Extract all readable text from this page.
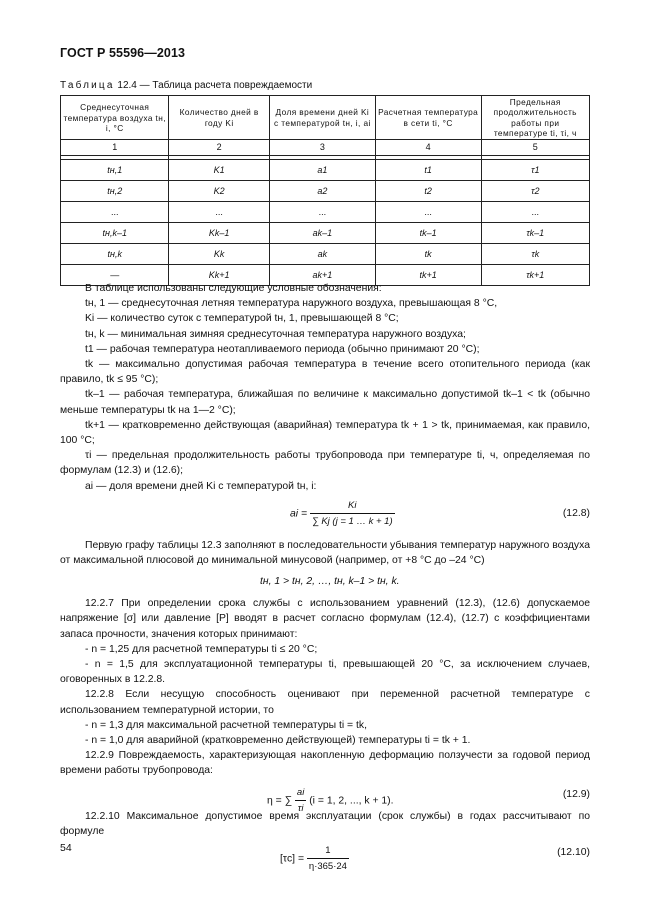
ГОСТ Р 55596—2013
Таблица 12.4 — Таблица расчета повреждаемости
Среднесуточная температура воздуха tн, i, °С	Количество дней в году Ki	Доля времени дней Ki с температурой tн, i, ai	Расчетная температура в сети ti, °С	Предельная продолжительность работы при температуре ti, τi, ч
1	2	3	4	5

tн,1	K1	a1	t1	τ1
tн,2	K2	a2	t2	τ2
...	...	...	...	...
tн,k–1	Kk–1	ak–1	tk–1	τk–1
tн,k	Kk	ak	tk	τk
—	Kk+1	ak+1	tk+1	τk+1

В таблице использованы следующие условные обозначения:

tн, 1 — среднесуточная летняя температура наружного воздуха, превышающая 8 °С,

Ki — количество суток с температурой tн, 1, превышающей 8 °С;

tн, k — минимальная зимняя среднесуточная температура наружного воздуха;

t1 — рабочая температура неотапливаемого периода (обычно принимают 20 °С);

tk — максимально допустимая рабочая температура в течение всего отопительного периода (как правило, tk ≤ 95 °С);

tk–1 — рабочая температура, ближайшая по величине к максимально допустимой tk–1 < tk (обычно меньше температуры tk на 1—2 °С);

tk+1 — кратковременно действующая (аварийная) температура tk + 1 > tk, принимаемая, как правило, 100 °С;

τi — предельная продолжительность работы трубопровода при температуре ti, ч, определяемая по формулам (12.3) и (12.6);

ai — доля времени дней Ki с температурой tн, i:

ai = $\frac{Ki}{\sum Kj (j = 1 \dots k + 1)}$	(12.8)

Первую графу таблицы 12.3 заполняют в последовательности убывания температур наружного воздуха от максимальной плюсовой до минимальной минусовой (например, от +8 °С до –24 °С)

tн, 1 > tн, 2, …, tн, k–1 > tн, k.

12.2.7 При определении срока службы с использованием уравнений (12.3), (12.6) допускаемое напряжение [σ] или давление [P] вводят в расчет согласно формулам (12.4), (12.7) с коэффициентами запаса прочности, значения которых принимают:

- n = 1,25 для расчетной температуры ti ≤ 20 °С;

- n = 1,5 для эксплуатационной температуры ti, превышающей 20 °С, за исключением случаев, оговоренных в 12.2.8.

12.2.8 Если несущую способность оценивают при переменной расчетной температуре с использованием температурной истории, то

- n = 1,3 для максимальной расчетной температуры ti = tk,

- n = 1,0 для аварийной (кратковременно действующей) температуры ti = tk + 1.

12.2.9 Повреждаемость, характеризующая накопленную деформацию ползучести за годовой период времени работы трубопровода:

η = ∑ $\frac{ai}{\tau i} (i = 1$, 2, ..., k + 1).
(12.9)

12.2.10 Максимальное допустимое время эксплуатации (срок службы) в годах рассчитывают по формуле

$[\tau с] = \frac{1}{\eta\cdot 365\cdot 24}$	(12.10)
54
